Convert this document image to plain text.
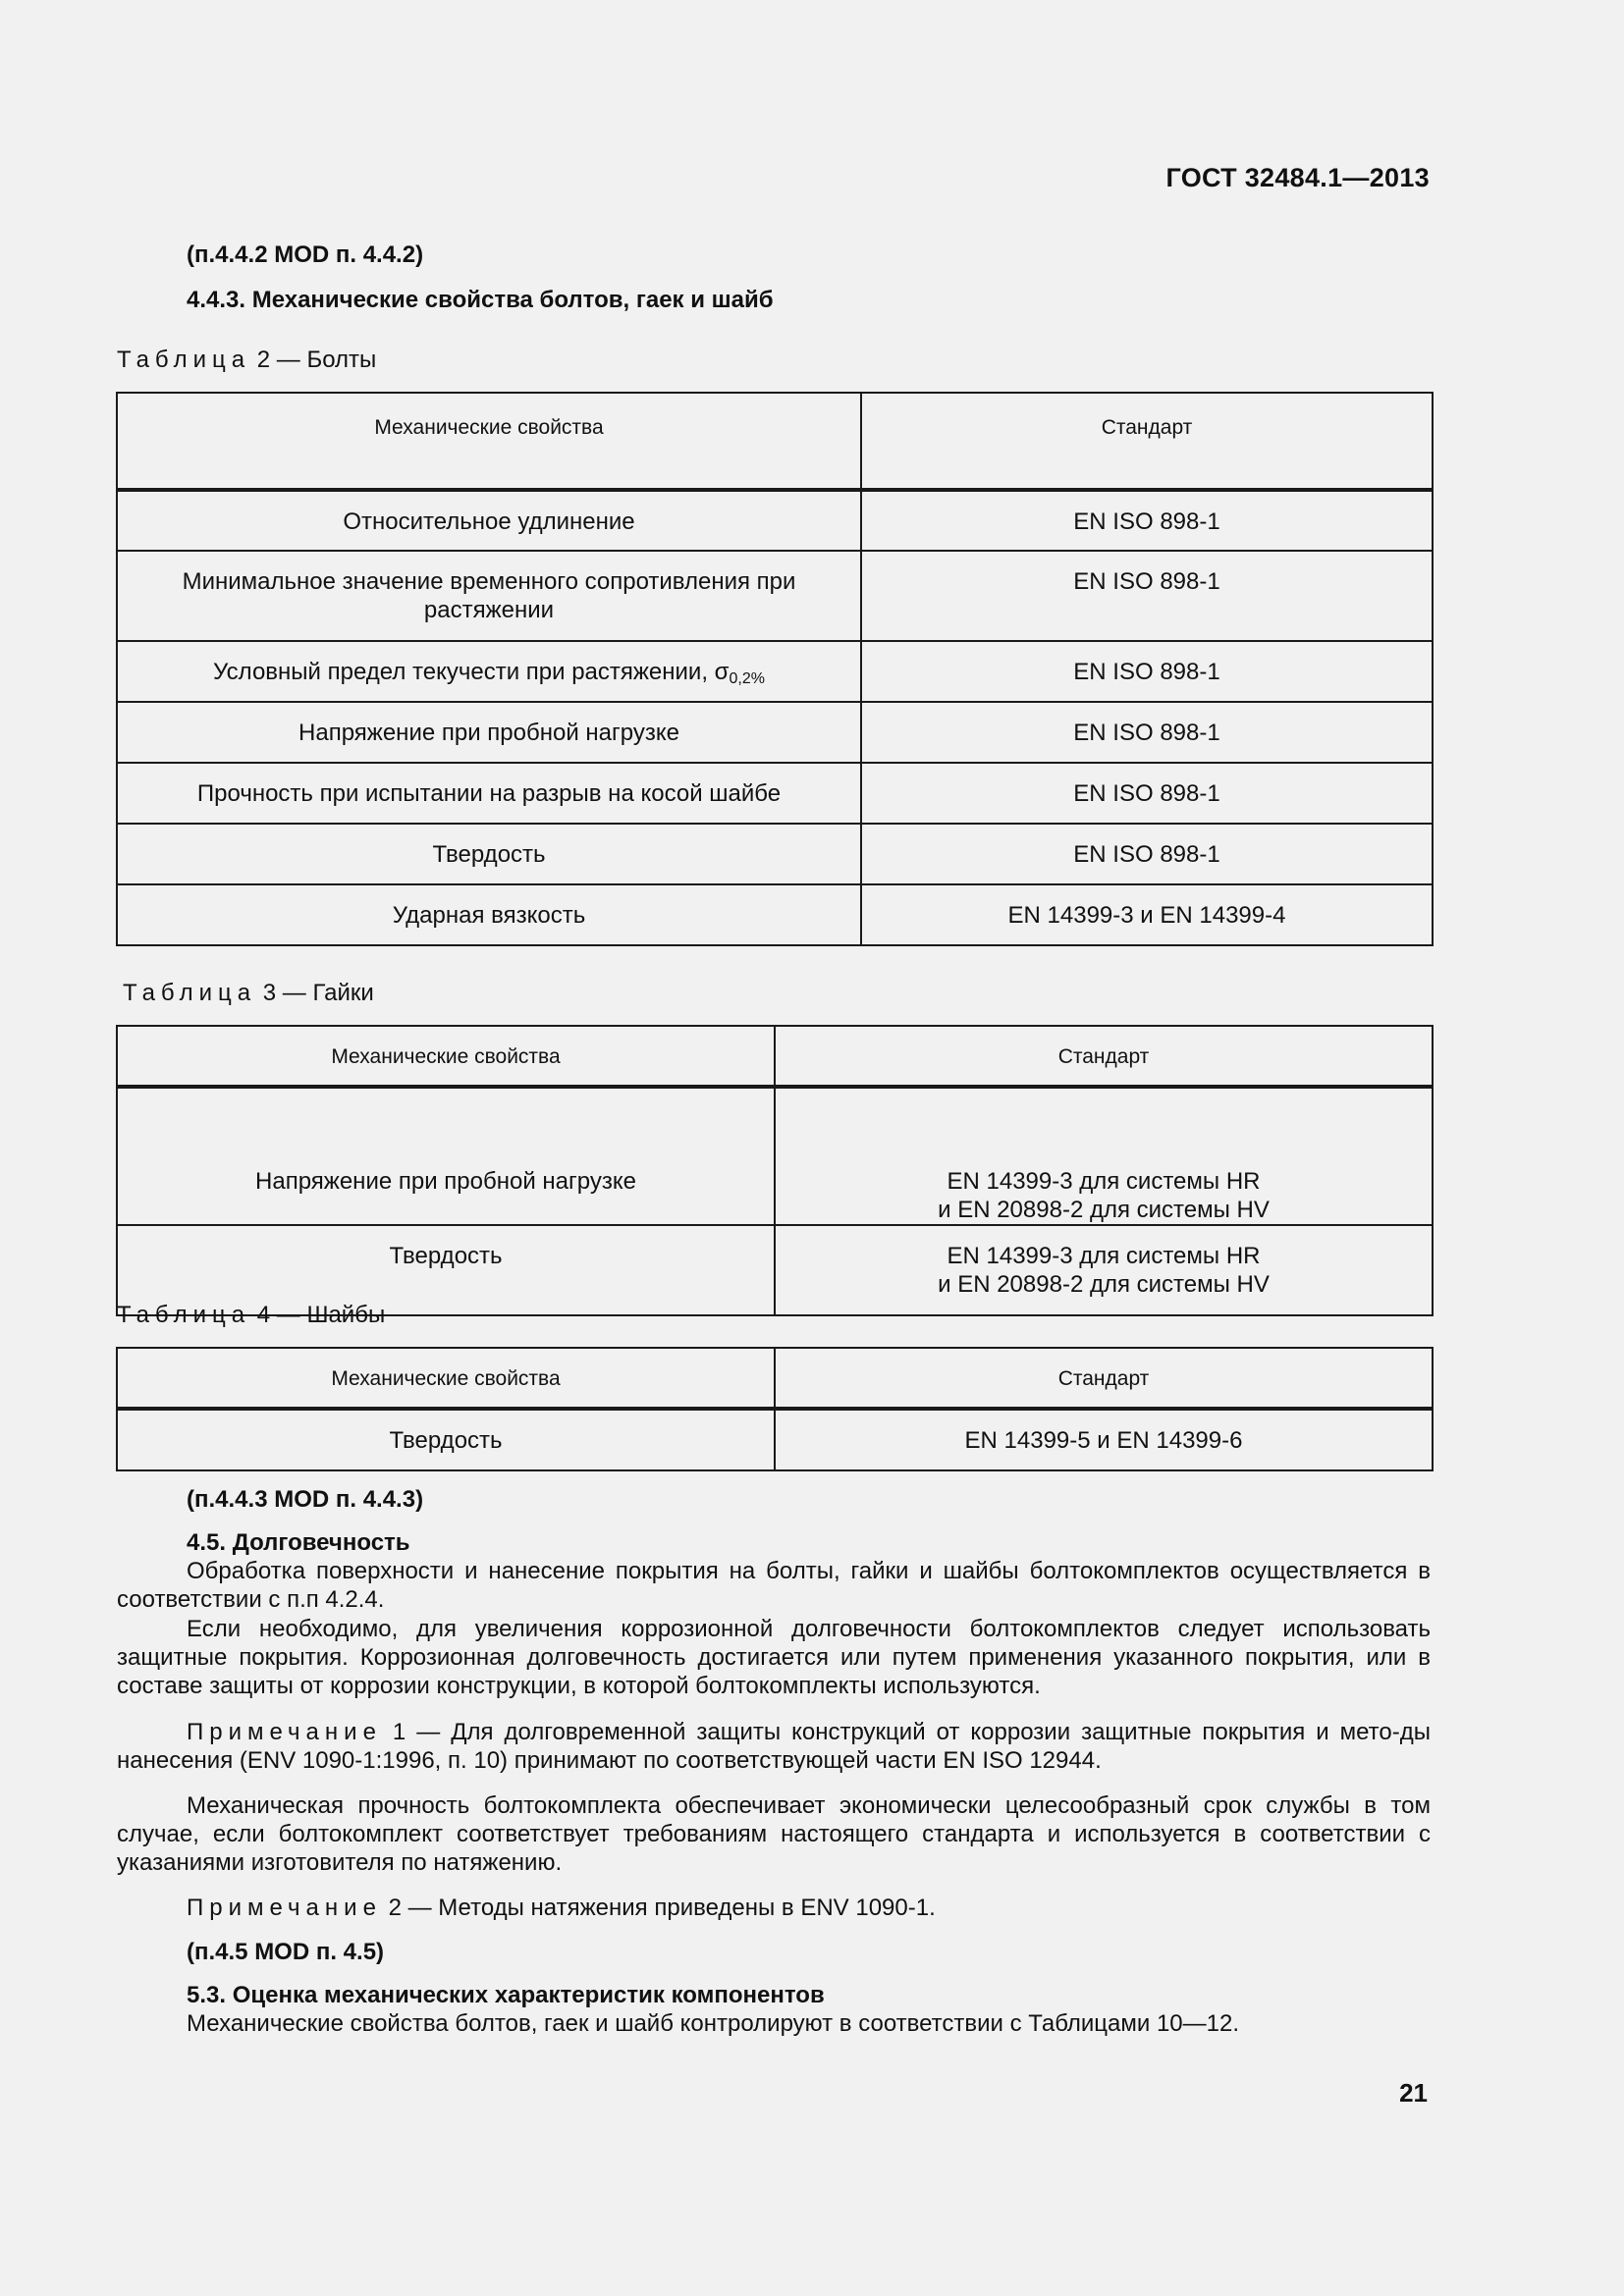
ГОСТ 32484.1—2013
(п.4.4.2 MOD п. 4.4.2)
4.4.3. Механические свойства болтов, гаек и шайб
Таблица 2 — Болты
Механические свойства	Стандарт
Относительное удлинение	EN ISO 898-1
Минимальное значение временного сопротивления при растяжении	EN ISO 898-1
Условный предел текучести при растяжении, $\sigma_{0,2\%}$	EN ISO 898-1
Напряжение при пробной нагрузке	EN ISO 898-1
Прочность при испытании на разрыв на косой шайбе	EN ISO 898-1
Твердость	EN ISO 898-1
Ударная вязкость	EN 14399-3 и EN 14399-4
Таблица 3 — Гайки
Механические свойства	Стандарт
Напряжение при пробной нагрузке	EN 14399-3 для системы HR
и EN 20898-2 для системы HV

Твердость	EN 14399-3 для системы HR
и EN 20898-2 для системы HV
Таблица 4 — Шайбы
Механические свойства	Стандарт
Твердость	EN 14399-5 и EN 14399-6
(п.4.4.3 MOD п. 4.4.3)
4.5. Долговечность
Обработка поверхности и нанесение покрытия на болты, гайки и шайбы болтокомплектов осуществляется в соответствии с п.п 4.2.4.
Если необходимо, для увеличения коррозионной долговечности болтокомплектов следует использовать защитные покрытия. Коррозионная долговечность достигается или путем применения указанного покрытия, или в составе защиты от коррозии конструкции, в которой болтокомплекты используются.
Примечание 1 — Для долговременной защиты конструкций от коррозии защитные покрытия и мето-ды нанесения (ENV 1090-1:1996, п. 10) принимают по соответствующей части EN ISO 12944.
Механическая прочность болтокомплекта обеспечивает экономически целесообразный срок службы в том случае, если болтокомплект соответствует требованиям настоящего стандарта и используется в соответствии с указаниями изготовителя по натяжению.
Примечание 2 — Методы натяжения приведены в ENV 1090-1.
(п.4.5 MOD п. 4.5)
5.3. Оценка механических характеристик компонентов
Механические свойства болтов, гаек и шайб контролируют в соответствии с Таблицами 10—12.
21
